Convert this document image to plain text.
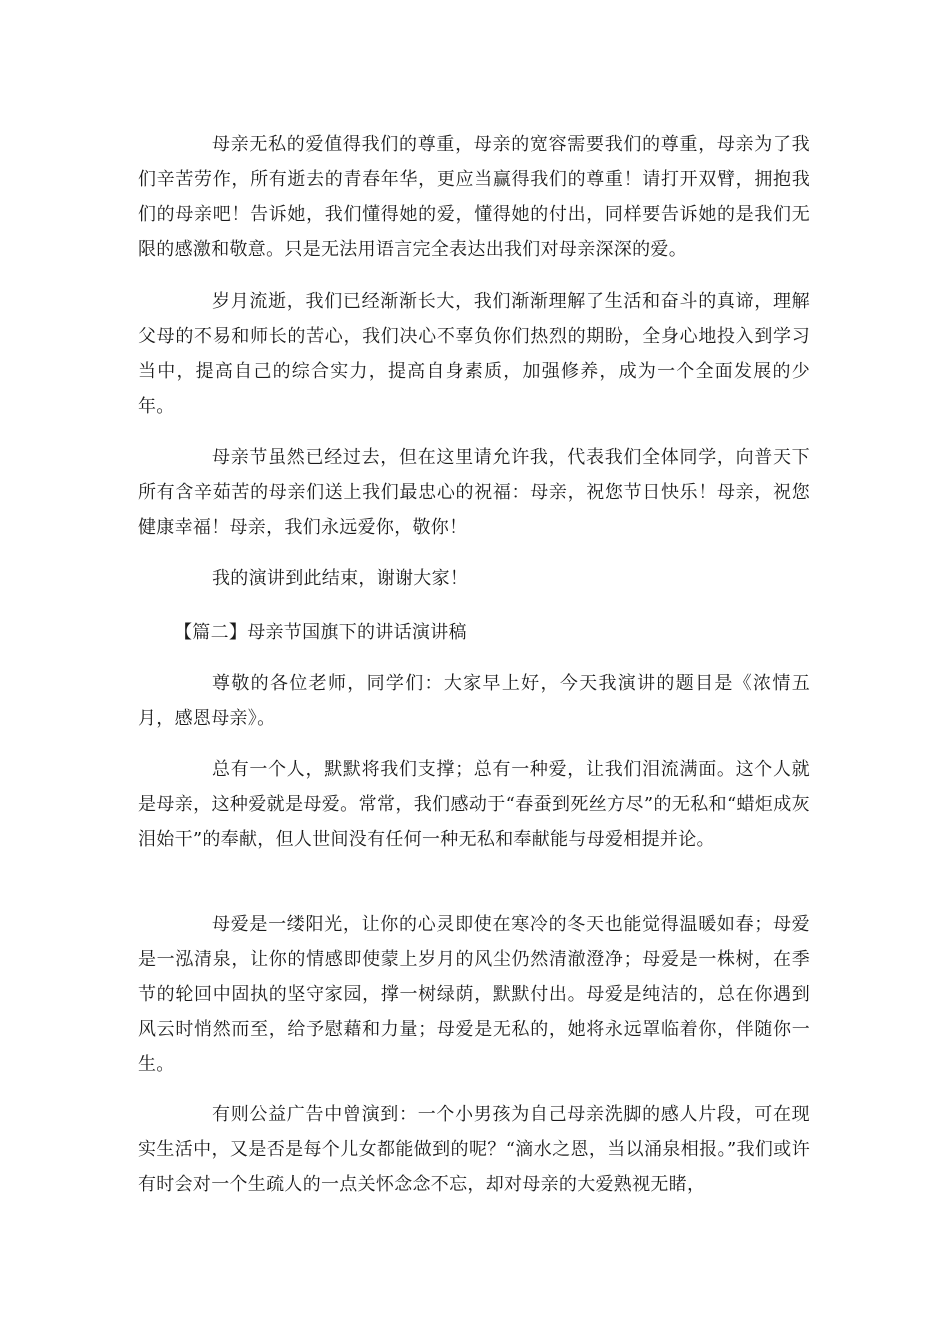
母亲无私的爱值得我们的尊重，母亲的宽容需要我们的尊重，母亲为了我们辛苦劳作，所有逝去的青春年华，更应当赢得我们的尊重！请打开双臂，拥抱我们的母亲吧！告诉她，我们懂得她的爱，懂得她的付出，同样要告诉她的是我们无限的感激和敬意。只是无法用语言完全表达出我们对母亲深深的爱。

岁月流逝，我们已经渐渐长大，我们渐渐理解了生活和奋斗的真谛，理解父母的不易和师长的苦心，我们决心不辜负你们热烈的期盼，全身心地投入到学习当中，提高自己的综合实力，提高自身素质，加强修养，成为一个全面发展的少年。

母亲节虽然已经过去，但在这里请允许我，代表我们全体同学，向普天下所有含辛茹苦的母亲们送上我们最忠心的祝福：母亲，祝您节日快乐！母亲，祝您健康幸福！母亲，我们永远爱你，敬你！

我的演讲到此结束，谢谢大家！

【篇二】母亲节国旗下的讲话演讲稿

尊敬的各位老师，同学们：大家早上好，今天我演讲的题目是《浓情五月，感恩母亲》。

总有一个人，默默将我们支撑；总有一种爱，让我们泪流满面。这个人就是母亲，这种爱就是母爱。常常，我们感动于“春蚕到死丝方尽”的无私和“蜡炬成灰泪始干”的奉献，但人世间没有任何一种无私和奉献能与母爱相提并论。

母爱是一缕阳光，让你的心灵即使在寒冷的冬天也能觉得温暖如春；母爱是一泓清泉，让你的情感即使蒙上岁月的风尘仍然清澈澄净；母爱是一株树，在季节的轮回中固执的坚守家园，撑一树绿荫，默默付出。母爱是纯洁的，总在你遇到风云时悄然而至，给予慰藉和力量；母爱是无私的，她将永远罩临着你，伴随你一生。

有则公益广告中曾演到：一个小男孩为自己母亲洗脚的感人片段，可在现实生活中，又是否是每个儿女都能做到的呢？“滴水之恩，当以涌泉相报。”我们或许有时会对一个生疏人的一点关怀念念不忘，却对母亲的大爱熟视无睹，
